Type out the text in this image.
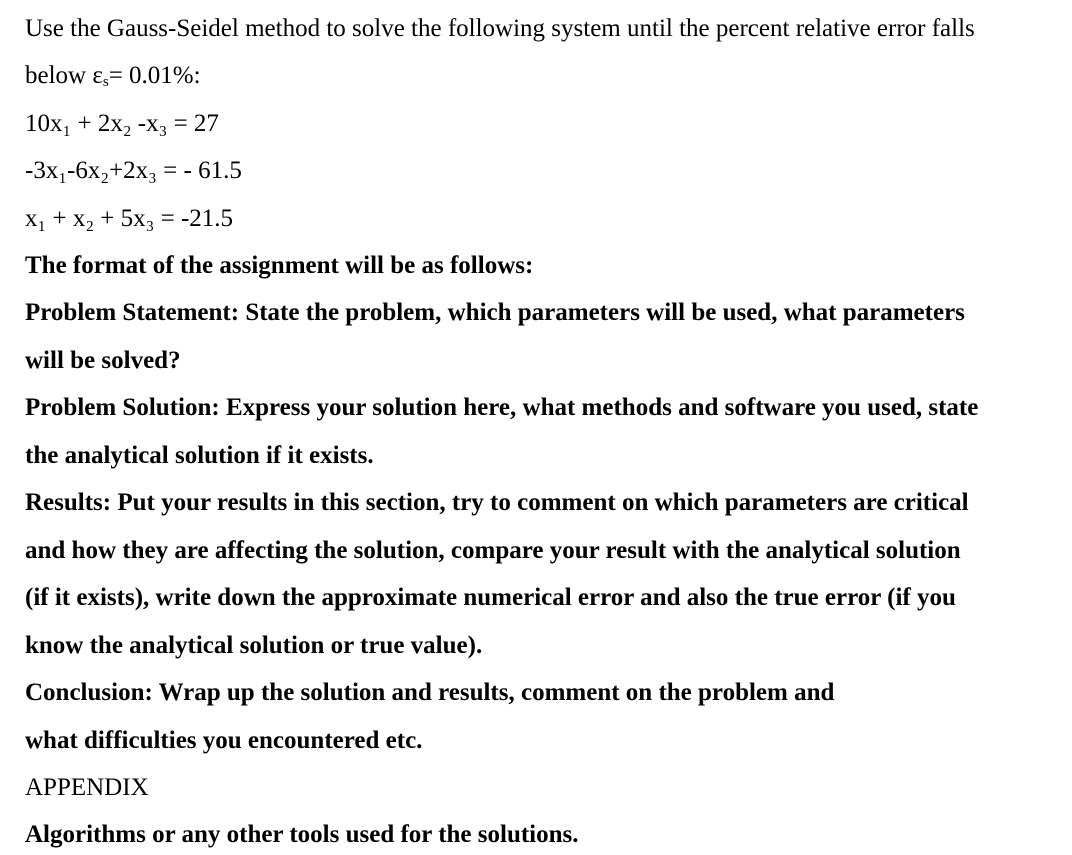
Use the Gauss-Seidel method to solve the following system until the percent relative error falls
below $\varepsilon_s= 0.01\%$:
10x₁ + 2x₂ -x₃ = 27
-3x₁-6x₂+2x₃ = - 61.5
x₁ + x₂ + 5x₃ = -21.5
The format of the assignment will be as follows:
Problem Statement: State the problem, which parameters will be used, what parameters
will be solved?
Problem Solution: Express your solution here, what methods and software you used, state
the analytical solution if it exists.
Results: Put your results in this section, try to comment on which parameters are critical
and how they are affecting the solution, compare your result with the analytical solution
(if it exists), write down the approximate numerical error and also the true error (if you
know the analytical solution or true value).
Conclusion: Wrap up the solution and results, comment on the problem and
what difficulties you encountered etc.
APPENDIX
Algorithms or any other tools used for the solutions.
